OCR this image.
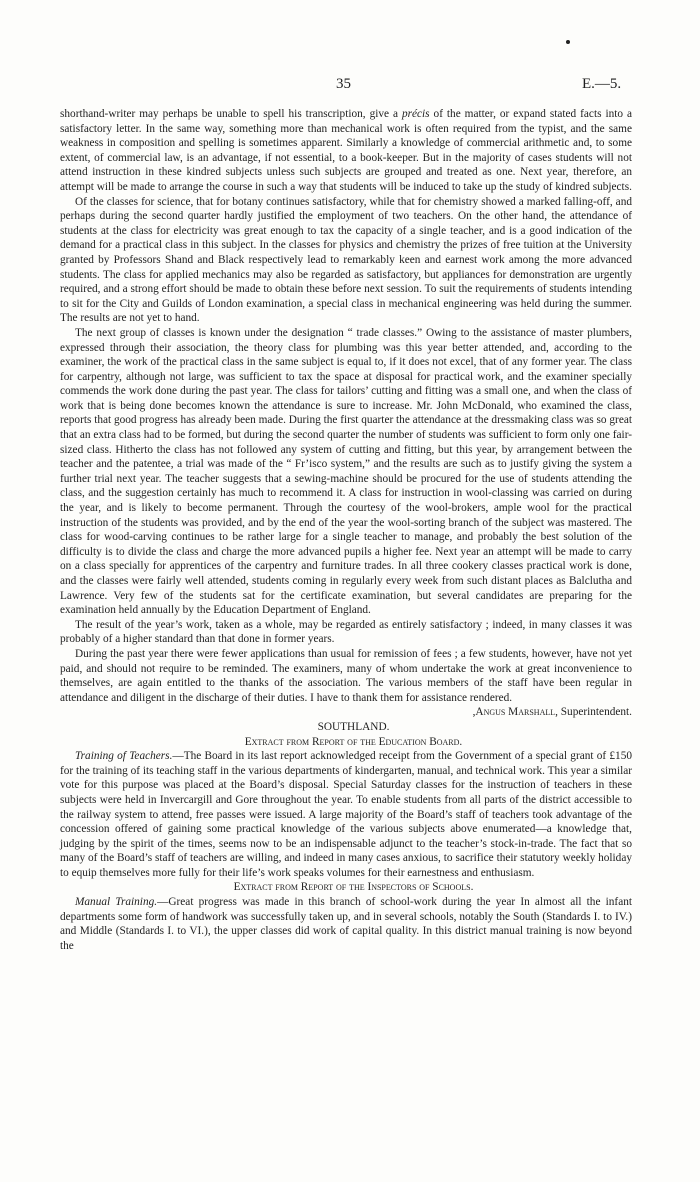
35	E.—5.

shorthand-writer may perhaps be unable to spell his transcription, give a précis of the matter, or expand stated facts into a satisfactory letter. In the same way, something more than mechanical work is often required from the typist, and the same weakness in composition and spelling is sometimes apparent. Similarly a knowledge of commercial arithmetic and, to some extent, of commercial law, is an advantage, if not essential, to a book-keeper. But in the majority of cases students will not attend instruction in these kindred subjects unless such subjects are grouped and treated as one. Next year, therefore, an attempt will be made to arrange the course in such a way that students will be induced to take up the study of kindred subjects.

Of the classes for science, that for botany continues satisfactory, while that for chemistry showed a marked falling-off, and perhaps during the second quarter hardly justified the employment of two teachers. On the other hand, the attendance of students at the class for electricity was great enough to tax the capacity of a single teacher, and is a good indication of the demand for a practical class in this subject. In the classes for physics and chemistry the prizes of free tuition at the University granted by Professors Shand and Black respectively lead to remarkably keen and earnest work among the more advanced students. The class for applied mechanics may also be regarded as satisfactory, but appliances for demonstration are urgently required, and a strong effort should be made to obtain these before next session. To suit the requirements of students intending to sit for the City and Guilds of London examination, a special class in mechanical engineering was held during the summer. The results are not yet to hand.

The next group of classes is known under the designation “ trade classes.” Owing to the assistance of master plumbers, expressed through their association, the theory class for plumbing was this year better attended, and, according to the examiner, the work of the practical class in the same subject is equal to, if it does not excel, that of any former year. The class for carpentry, although not large, was sufficient to tax the space at disposal for practical work, and the examiner specially commends the work done during the past year. The class for tailors’ cutting and fitting was a small one, and when the class of work that is being done becomes known the attendance is sure to increase. Mr. John McDonald, who examined the class, reports that good progress has already been made. During the first quarter the attendance at the dressmaking class was so great that an extra class had to be formed, but during the second quarter the number of students was sufficient to form only one fair-sized class. Hitherto the class has not followed any system of cutting and fitting, but this year, by arrangement between the teacher and the patentee, a trial was made of the “ Fr’isco system,” and the results are such as to justify giving the system a further trial next year. The teacher suggests that a sewing-machine should be procured for the use of students attending the class, and the suggestion certainly has much to recommend it. A class for instruction in wool-classing was carried on during the year, and is likely to become permanent. Through the courtesy of the wool-brokers, ample wool for the practical instruction of the students was provided, and by the end of the year the wool-sorting branch of the subject was mastered. The class for wood-carving continues to be rather large for a single teacher to manage, and probably the best solution of the difficulty is to divide the class and charge the more advanced pupils a higher fee. Next year an attempt will be made to carry on a class specially for apprentices of the carpentry and furniture trades. In all three cookery classes practical work is done, and the classes were fairly well attended, students coming in regularly every week from such distant places as Balclutha and Lawrence. Very few of the students sat for the certificate examination, but several candidates are preparing for the examination held annually by the Education Department of England.

The result of the year’s work, taken as a whole, may be regarded as entirely satisfactory ; indeed, in many classes it was probably of a higher standard than that done in former years.

During the past year there were fewer applications than usual for remission of fees ; a few students, however, have not yet paid, and should not require to be reminded. The examiners, many of whom undertake the work at great inconvenience to themselves, are again entitled to the thanks of the association. The various members of the staff have been regular in attendance and diligent in the discharge of their duties. I have to thank them for assistance rendered.

,Angus Marshall, Superintendent.

SOUTHLAND.

Extract from Report of the Education Board.

Training of Teachers.—The Board in its last report acknowledged receipt from the Government of a special grant of £150 for the training of its teaching staff in the various departments of kindergarten, manual, and technical work. This year a similar vote for this purpose was placed at the Board’s disposal. Special Saturday classes for the instruction of teachers in these subjects were held in Invercargill and Gore throughout the year. To enable students from all parts of the district accessible to the railway system to attend, free passes were issued. A large majority of the Board’s staff of teachers took advantage of the concession offered of gaining some practical knowledge of the various subjects above enumerated—a knowledge that, judging by the spirit of the times, seems now to be an indispensable adjunct to the teacher’s stock-in-trade. The fact that so many of the Board’s staff of teachers are willing, and indeed in many cases anxious, to sacrifice their statutory weekly holiday to equip themselves more fully for their life’s work speaks volumes for their earnestness and enthusiasm.

Extract from Report of the Inspectors of Schools.

Manual Training.—Great progress was made in this branch of school-work during the year In almost all the infant departments some form of handwork was successfully taken up, and in several schools, notably the South (Standards I. to IV.) and Middle (Standards I. to VI.), the upper classes did work of capital quality. In this district manual training is now beyond the
